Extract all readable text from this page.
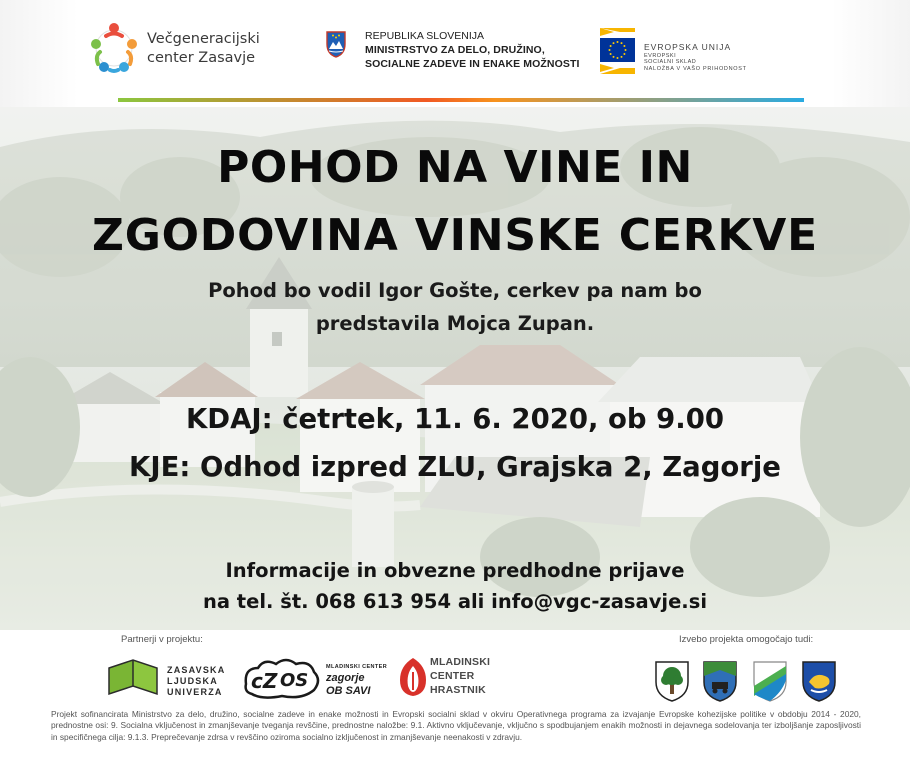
Večgeneracijski
center Zasavje
REPUBLIKA SLOVENIJA
MINISTRSTVO ZA DELO, DRUŽINO,
SOCIALNE ZADEVE IN ENAKE MOŽNOSTI
EVROPSKA UNIJA
EVROPSKI
SOCIALNI SKLAD
NALOŽBA V VAŠO PRIHODNOST
POHOD NA VINE IN
ZGODOVINA VINSKE CERKVE
Pohod bo vodil Igor Gošte, cerkev pa nam bo
predstavila Mojca Zupan.
KDAJ: četrtek, 11. 6. 2020, ob 9.00
KJE: Odhod izpred ZLU, Grajska 2, Zagorje
Informacije in obvezne predhodne prijave
na tel. št. 068 613 954 ali info@vgc-zasavje.si
Partnerji v projektu:	Izvebo projekta omogočajo tudi:
ZASAVSKA
LJUDSKA
UNIVERZA cZ OS
MLADINSKI CENTER
zagorje
OB SAVI
MLADINSKI
CENTER
HRASTNIK
Projekt sofinancirata Ministrstvo za delo, družino, socialne zadeve in enake možnosti in Evropski socialni sklad v okviru Operativnega programa za izvajanje Evropske kohezijske politike v obdobju 2014 - 2020, prednostne osi: 9. Socialna vključenost in zmanjševanje tveganja revščine, prednostne naložbe: 9.1. Aktivno vključevanje, vključno s spodbujanjem enakih možnosti in dejavnega sodelovanja ter izboljšanje zaposljivosti in specifičnega cilja: 9.1.3. Preprečevanje zdrsa v revščino oziroma socialno izključenost in zmanjševanje neenakosti v zdravju.
